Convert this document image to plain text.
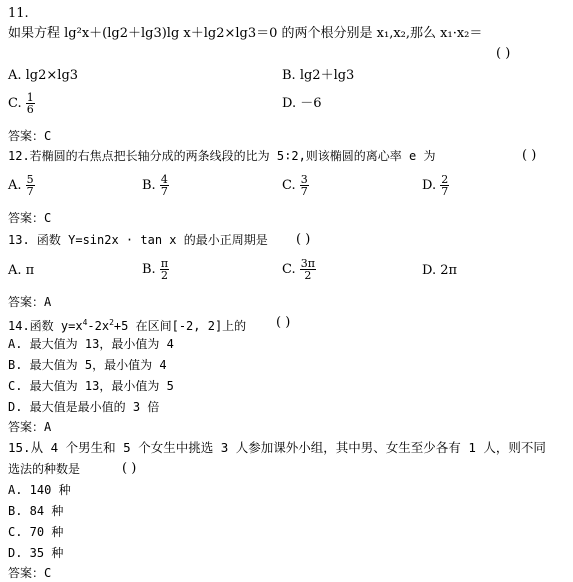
11.
如果方程 lg²x＋(lg2＋lg3)lg x＋lg2×lg3＝0 的两个根分别是 x₁,x₂,那么 x₁·x₂＝
( )
A. lg2×lg3	B. lg2＋lg3
C. $\frac{1}{6}$	D. －6
答案：C
12.若椭圆的右焦点把长轴分成的两条线段的比为 5∶2,则该椭圆的离心率 e 为	( )
A. $\frac{5}{7}$	B. $\frac{4}{7}$	C. $\frac{3}{7}$	D. $\frac{2}{7}$
答案：C
13. 函数 Y=sin2x · tan x 的最小正周期是 ( )
A. π	B. $\frac{\pi}{2}$	C. $\frac{3\pi}{2}$	D. 2π
答案：A
14.函数 $y=x^4-2x^2+5$ 在区间[-2, 2]上的 ( )
A. 最大值为 13，最小值为 4
B. 最大值为 5，最小值为 4
C. 最大值为 13，最小值为 5
D. 最大值是最小值的 3 倍
答案：A
15.从 4 个男生和 5 个女生中挑选 3 人参加课外小组，其中男、女生至少各有 1 人，则不同
选法的种数是	( )
A. 140 种
B. 84 种
C. 70 种
D. 35 种
答案：C
